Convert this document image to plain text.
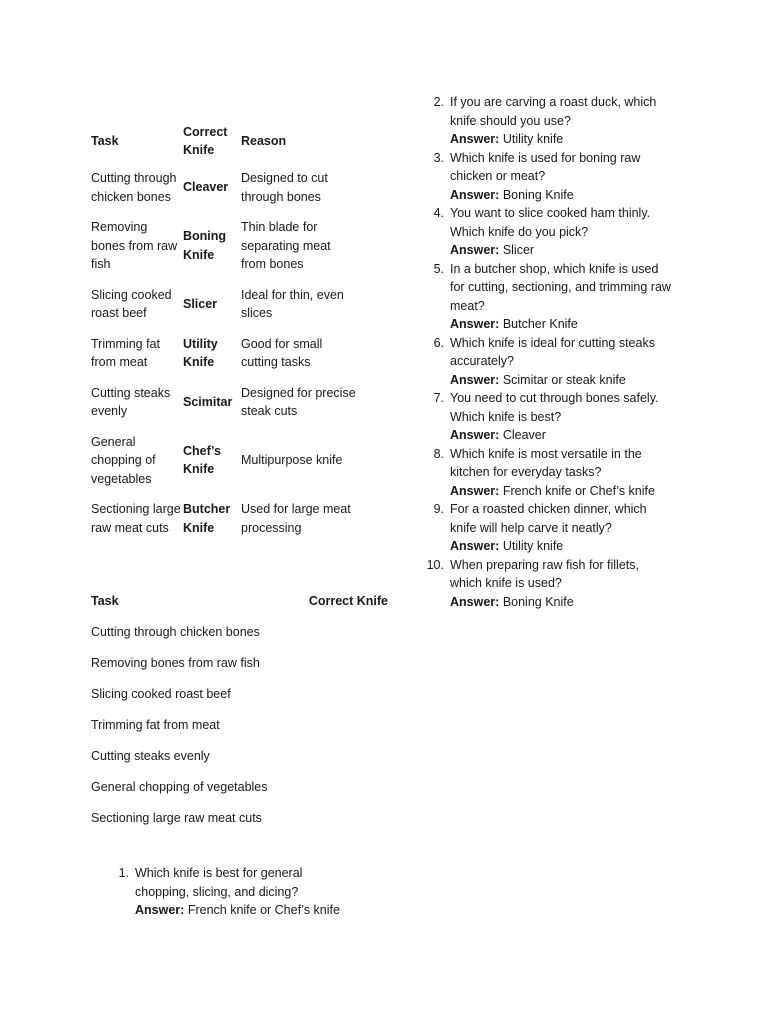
Task	Correct Knife	Reason
Cutting through chicken bones	Cleaver	Designed to cut through bones
Removing bones from raw fish	Boning Knife	Thin blade for separating meat from bones
Slicing cooked roast beef	Slicer	Ideal for thin, even slices
Trimming fat from meat	Utility Knife	Good for small cutting tasks
Cutting steaks evenly	Scimitar	Designed for precise steak cuts
General chopping of vegetables	Chef’s Knife	Multipurpose knife
Sectioning large raw meat cuts	Butcher Knife	Used for large meat processing
Task	Correct Knife
Cutting through chicken bones	
Removing bones from raw fish	
Slicing cooked roast beef	
Trimming fat from meat	
Cutting steaks evenly	
General chopping of vegetables	
Sectioning large raw meat cuts	
1. Which knife is best for general chopping, slicing, and dicing?
Answer: French knife or Chef’s knife
2. If you are carving a roast duck, which knife should you use?
Answer: Utility knife
3. Which knife is used for boning raw chicken or meat?
Answer: Boning Knife
4. You want to slice cooked ham thinly. Which knife do you pick?
Answer: Slicer
5. In a butcher shop, which knife is used for cutting, sectioning, and trimming raw meat?
Answer: Butcher Knife
6. Which knife is ideal for cutting steaks accurately?
Answer: Scimitar or steak knife
7. You need to cut through bones safely. Which knife is best?
Answer: Cleaver
8. Which knife is most versatile in the kitchen for everyday tasks?
Answer: French knife or Chef’s knife
9. For a roasted chicken dinner, which knife will help carve it neatly?
Answer: Utility knife
10. When preparing raw fish for fillets, which knife is used?
Answer: Boning Knife
